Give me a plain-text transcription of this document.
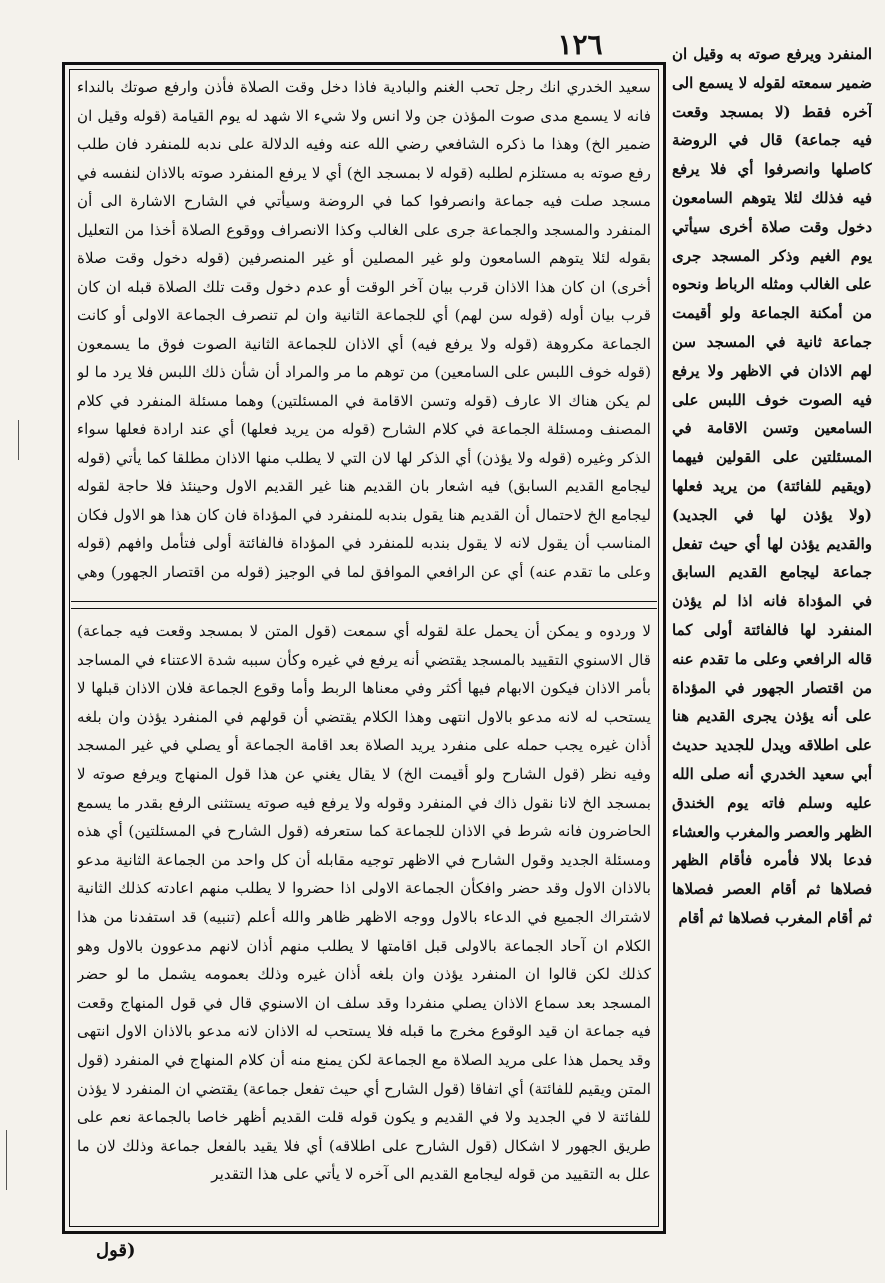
١٢٦

سعيد الخدري انك رجل تحب الغنم والبادية فاذا دخل وقت الصلاة فأذن وارفع صوتك بالنداء فانه لا يسمع مدى صوت المؤذن جن ولا انس ولا شيء الا شهد له يوم القيامة (قوله وقيل ان ضمير الخ) وهذا ما ذكره الشافعي رضي الله عنه وفيه الدلالة على ندبه للمنفرد فان طلب رفع صوته به مستلزم لطلبه (قوله لا بمسجد الخ) أي لا يرفع المنفرد صوته بالاذان لنفسه في مسجد صلت فيه جماعة وانصرفوا كما في الروضة وسيأتي في الشارح الاشارة الى أن المنفرد والمسجد والجماعة جرى على الغالب وكذا الانصراف ووقوع الصلاة أخذا من التعليل بقوله لئلا يتوهم السامعون ولو غير المصلين أو غير المنصرفين (قوله دخول وقت صلاة أخرى) ان كان هذا الاذان قرب بيان آخر الوقت أو عدم دخول وقت تلك الصلاة قبله ان كان قرب بيان أوله (قوله سن لهم) أي للجماعة الثانية وان لم تنصرف الجماعة الاولى أو كانت الجماعة مكروهة (قوله ولا يرفع فيه) أي الاذان للجماعة الثانية الصوت فوق ما يسمعون (قوله خوف اللبس على السامعين) من توهم ما مر والمراد أن شأن ذلك اللبس فلا يرد ما لو لم يكن هناك الا عارف (قوله وتسن الاقامة في المسئلتين) وهما مسئلة المنفرد في كلام المصنف ومسئلة الجماعة في كلام الشارح (قوله من يريد فعلها) أي عند ارادة فعلها سواء الذكر وغيره (قوله ولا يؤذن) أي الذكر لها لان التي لا يطلب منها الاذان مطلقا كما يأتي (قوله ليجامع القديم السابق) فيه اشعار بان القديم هنا غير القديم الاول وحينئذ فلا حاجة لقوله ليجامع الخ لاحتمال أن القديم هنا يقول بندبه للمنفرد في المؤداة فان كان هذا هو الاول فكان المناسب أن يقول لانه لا يقول بندبه للمنفرد في المؤداة فالفائتة أولى فتأمل وافهم (قوله وعلى ما تقدم عنه) أي عن الرافعي الموافق لما في الوجيز (قوله من اقتصار الجهور) وهي

لا وردوه و يمكن أن يحمل علة لقوله أي سمعت (قول المتن لا بمسجد وقعت فيه جماعة) قال الاسنوي التقييد بالمسجد يقتضي أنه يرفع في غيره وكأن سببه شدة الاعتناء في المساجد بأمر الاذان فيكون الابهام فيها أكثر وفي معناها الربط وأما وقوع الجماعة فلان الاذان قبلها لا يستحب له لانه مدعو بالاول انتهى وهذا الكلام يقتضي أن قولهم في المنفرد يؤذن وان بلغه أذان غيره يجب حمله على منفرد يريد الصلاة بعد اقامة الجماعة أو يصلي في غير المسجد وفيه نظر (قول الشارح ولو أقيمت الخ) لا يقال يغني عن هذا قول المنهاج ويرفع صوته لا بمسجد الخ لانا نقول ذاك في المنفرد وقوله ولا يرفع فيه صوته يستثنى الرفع بقدر ما يسمع الحاضرون فانه شرط في الاذان للجماعة كما ستعرفه (قول الشارح في المسئلتين) أي هذه ومسئلة الجديد وقول الشارح في الاظهر توجيه مقابله أن كل واحد من الجماعة الثانية مدعو بالاذان الاول وقد حضر وافكأن الجماعة الاولى اذا حضروا لا يطلب منهم اعادته كذلك الثانية لاشتراك الجميع في الدعاء بالاول ووجه الاظهر ظاهر والله أعلم (تنبيه) قد استفدنا من هذا الكلام ان آحاد الجماعة بالاولى قبل اقامتها لا يطلب منهم أذان لانهم مدعوون بالاول وهو كذلك لكن قالوا ان المنفرد يؤذن وان بلغه أذان غيره وذلك بعمومه يشمل ما لو حضر المسجد بعد سماع الاذان يصلي منفردا وقد سلف ان الاسنوي قال في قول المنهاج وقعت فيه جماعة ان قيد الوقوع مخرج ما قبله فلا يستحب له الاذان لانه مدعو بالاذان الاول انتهى وقد يحمل هذا على مريد الصلاة مع الجماعة لكن يمنع منه أن كلام المنهاج في المنفرد (قول المتن ويقيم للفائتة) أي اتفاقا (قول الشارح أي حيث تفعل جماعة) يقتضي ان المنفرد لا يؤذن للفائتة لا في الجديد ولا في القديم و يكون قوله قلت القديم أظهر خاصا بالجماعة نعم على طريق الجهور لا اشكال (قول الشارح على اطلاقه) أي فلا يقيد بالفعل جماعة وذلك لان ما علل به التقييد من قوله ليجامع القديم الى آخره لا يأتي على هذا التقدير

المنفرد ويرفع صوته به وقيل ان ضمير سمعته لقوله لا يسمع الى آخره فقط (لا بمسجد وقعت فيه جماعة) قال في الروضة كاصلها وانصرفوا أي فلا يرفع فيه فذلك لئلا يتوهم السامعون دخول وقت صلاة أخرى سيأتي يوم الغيم وذكر المسجد جرى على الغالب ومثله الرباط ونحوه من أمكنة الجماعة ولو أقيمت جماعة ثانية في المسجد سن لهم الاذان في الاظهر ولا يرفع فيه الصوت خوف اللبس على السامعين وتسن الاقامة في المسئلتين على القولين فيهما (ويقيم للفائتة) من يريد فعلها (ولا يؤذن لها في الجديد) والقديم يؤذن لها أي حيث تفعل جماعة ليجامع القديم السابق في المؤداة فانه اذا لم يؤذن المنفرد لها فالفائتة أولى كما قاله الرافعي وعلى ما تقدم عنه من اقتصار الجهور في المؤداة على أنه يؤذن يجرى القديم هنا على اطلاقه ويدل للجديد حديث أبي سعيد الخدري أنه صلى الله عليه وسلم فاته يوم الخندق الظهر والعصر والمغرب والعشاء فدعا بلالا فأمره فأقام الظهر فصلاها ثم أقام العصر فصلاها ثم أقام المغرب فصلاها ثم أقام

(قول
